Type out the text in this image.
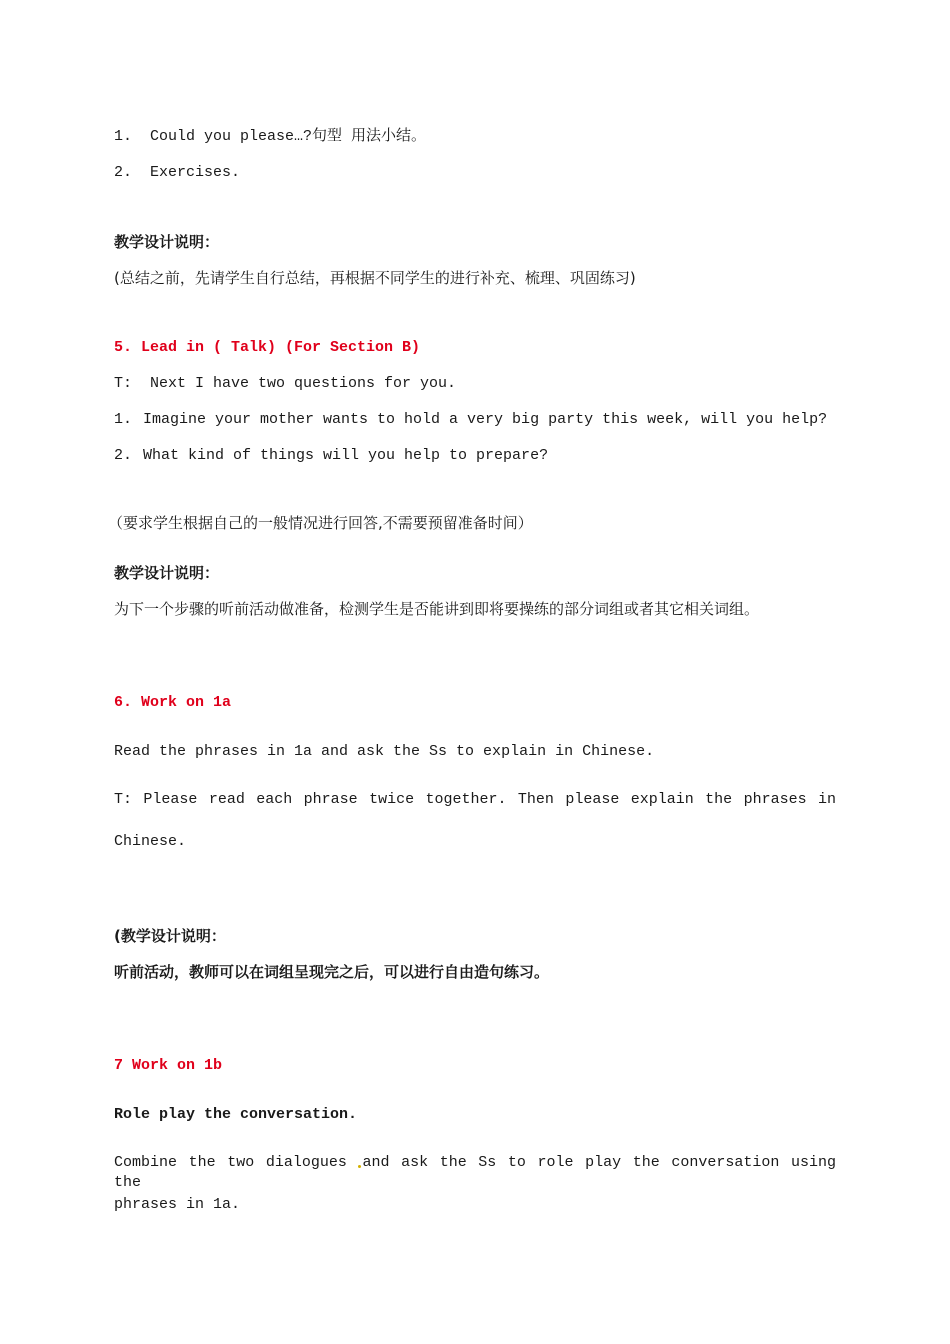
1. Could you please…?句型 用法小结。
2. Exercises.
教学设计说明：
(总结之前，先请学生自行总结，再根据不同学生的进行补充、梳理、巩固练习)
5. Lead in ( Talk) (For Section B)
T:  Next I have two questions for you.
1. Imagine your mother wants to hold a very big party this week, will you help?
2. What kind of things will you help to prepare?
（要求学生根据自己的一般情况进行回答,不需要预留准备时间）
教学设计说明：
为下一个步骤的听前活动做准备，检测学生是否能讲到即将要操练的部分词组或者其它相关词组。
6. Work on 1a
Read the phrases in 1a and ask the Ss to explain in Chinese.
T: Please read each phrase twice together. Then please explain the phrases in
Chinese.
(教学设计说明：
听前活动，教师可以在词组呈现完之后，可以进行自由造句练习。
7 Work on 1b
Role play the conversation.
Combine the two dialogues and ask the Ss to role play the conversation using the
phrases in 1a.
